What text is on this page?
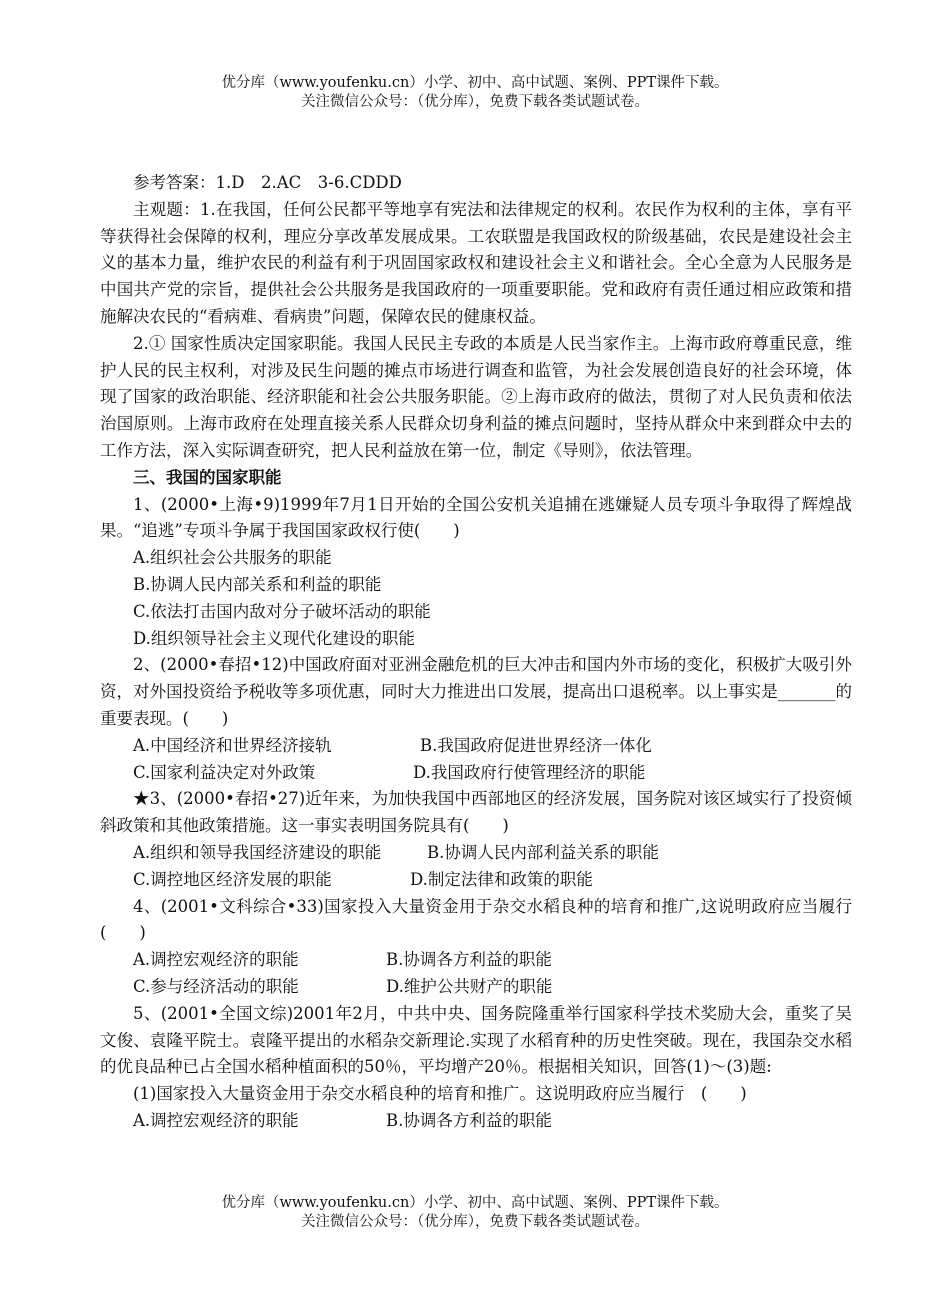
优分库（www.youfenku.cn）小学、初中、高中试题、案例、PPT课件下载。
关注微信公众号：（优分库），免费下载各类试题试卷。

参考答案：1.D　2.AC　3-6.CDDD

主观题：1.在我国，任何公民都平等地享有宪法和法律规定的权利。农民作为权利的主体，享有平等获得社会保障的权利，理应分享改革发展成果。工农联盟是我国政权的阶级基础，农民是建设社会主义的基本力量，维护农民的利益有利于巩固国家政权和建设社会主义和谐社会。全心全意为人民服务是中国共产党的宗旨，提供社会公共服务是我国政府的一项重要职能。党和政府有责任通过相应政策和措施解决农民的“看病难、看病贵”问题，保障农民的健康权益。

2.① 国家性质决定国家职能。我国人民民主专政的本质是人民当家作主。上海市政府尊重民意，维护人民的民主权利，对涉及民生问题的摊点市场进行调查和监管，为社会发展创造良好的社会环境，体现了国家的政治职能、经济职能和社会公共服务职能。②上海市政府的做法，贯彻了对人民负责和依法治国原则。上海市政府在处理直接关系人民群众切身利益的摊点问题时，坚持从群众中来到群众中去的工作方法，深入实际调查研究，把人民利益放在第一位，制定《导则》，依法管理。

三、我国的国家职能

1、(2000•上海•9)1999年7月1日开始的全国公安机关追捕在逃嫌疑人员专项斗争取得了辉煌战果。“追逃”专项斗争属于我国国家政权行使(　　)

A.组织社会公共服务的职能

B.协调人民内部关系和利益的职能

C.依法打击国内敌对分子破坏活动的职能

D.组织领导社会主义现代化建设的职能

2、(2000•春招•12)中国政府面对亚洲金融危机的巨大冲击和国内外市场的变化，积极扩大吸引外资，对外国投资给予税收等多项优惠，同时大力推进出口发展，提高出口退税率。以上事实是_______的重要表现。(　　)

A.中国经济和世界经济接轨	B.我国政府促进世界经济一体化
C.国家利益决定对外政策	D.我国政府行使管理经济的职能

★3、(2000•春招•27)近年来，为加快我国中西部地区的经济发展，国务院对该区域实行了投资倾斜政策和其他政策措施。这一事实表明国务院具有(　　)

A.组织和领导我国经济建设的职能	B.协调人民内部利益关系的职能
C.调控地区经济发展的职能	D.制定法律和政策的职能

4、(2001•文科综合•33)国家投入大量资金用于杂交水稻良种的培育和推广,这说明政府应当履行(　　)

A.调控宏观经济的职能	B.协调各方利益的职能
C.参与经济活动的职能	D.维护公共财产的职能

5、(2001•全国文综)2001年2月，中共中央、国务院隆重举行国家科学技术奖励大会，重奖了吴文俊、袁隆平院士。袁隆平提出的水稻杂交新理论.实现了水稻育种的历史性突破。现在，我国杂交水稻的优良品种已占全国水稻种植面积的50％，平均增产20％。根据相关知识，回答(1)～(3)题:

(1)国家投入大量资金用于杂交水稻良种的培育和推广。这说明政府应当履行　(　　)

A.调控宏观经济的职能	B.协调各方利益的职能
优分库（www.youfenku.cn）小学、初中、高中试题、案例、PPT课件下载。
关注微信公众号：（优分库），免费下载各类试题试卷。
